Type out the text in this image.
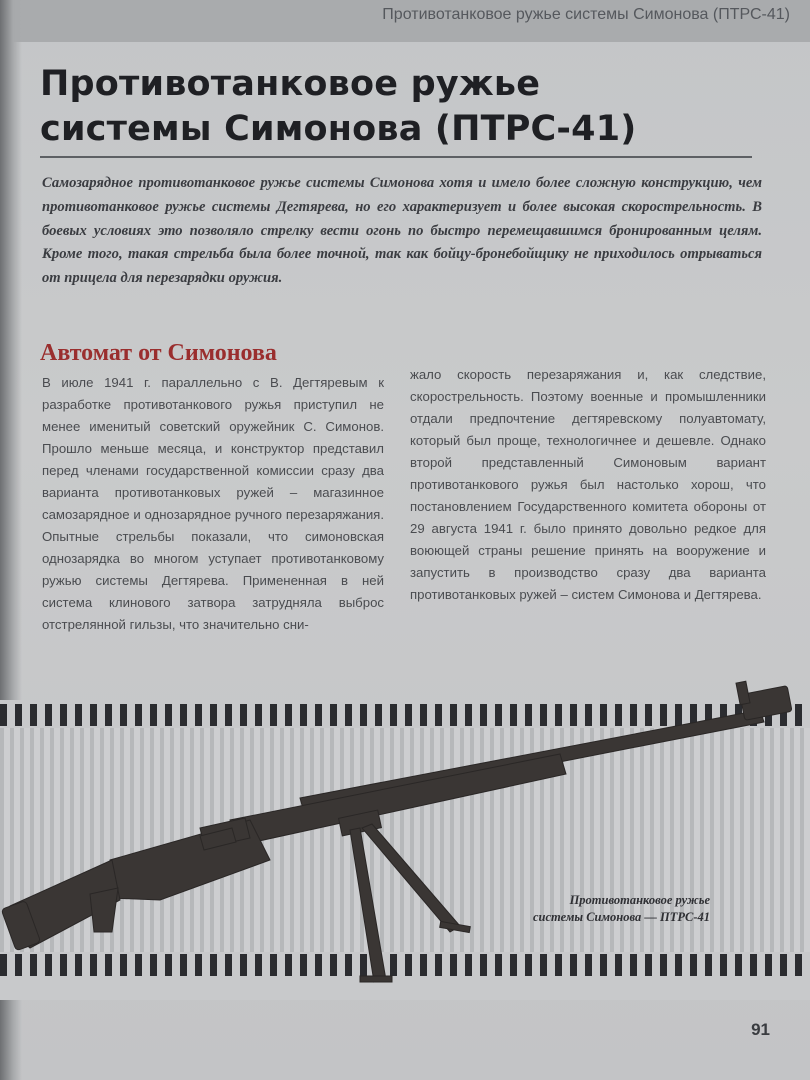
Противотанковое ружье системы Симонова (ПТРС-41)
Противотанковое ружье
системы Симонова (ПТРС-41)

Самозарядное противотанковое ружье системы Симонова хотя и имело более сложную конструкцию, чем противотанковое ружье системы Дегтярева, но его характеризует и более высокая скорострельность. В боевых условиях это позволяло стрелку вести огонь по быстро перемещавшимся бронированным целям. Кроме того, такая стрельба была более точной, так как бойцу-бронебойщику не приходилось отрываться от прицела для перезарядки оружия.

Автомат от Симонова

В июле 1941 г. параллельно с В. Дегтяревым к разработке противотанкового ружья приступил не менее именитый советский оружейник С. Симонов. Прошло меньше месяца, и конструктор представил перед членами государственной комиссии сразу два варианта противотанковых ружей – магазинное самозарядное и однозарядное ручного перезаряжания. Опытные стрельбы показали, что симоновская однозарядка во многом уступает противотанковому ружью системы Дегтярева. Примененная в ней система клинового затвора затрудняла выброс отстрелянной гильзы, что значительно сни-

жало скорость перезаряжания и, как следствие, скорострельность. Поэтому военные и промышленники отдали предпочтение дегтяревскому полуавтомату, который был проще, технологичнее и дешевле. Однако второй представленный Симоновым вариант противотанкового ружья был настолько хорош, что постановлением Государственного комитета обороны от 29 августа 1941 г. было принято довольно редкое для воюющей страны решение принять на вооружение и запустить в производство сразу два варианта противотанковых ружей – систем Симонова и Дегтярева.

Противотанковое ружье
системы Симонова — ПТРС-41

91
